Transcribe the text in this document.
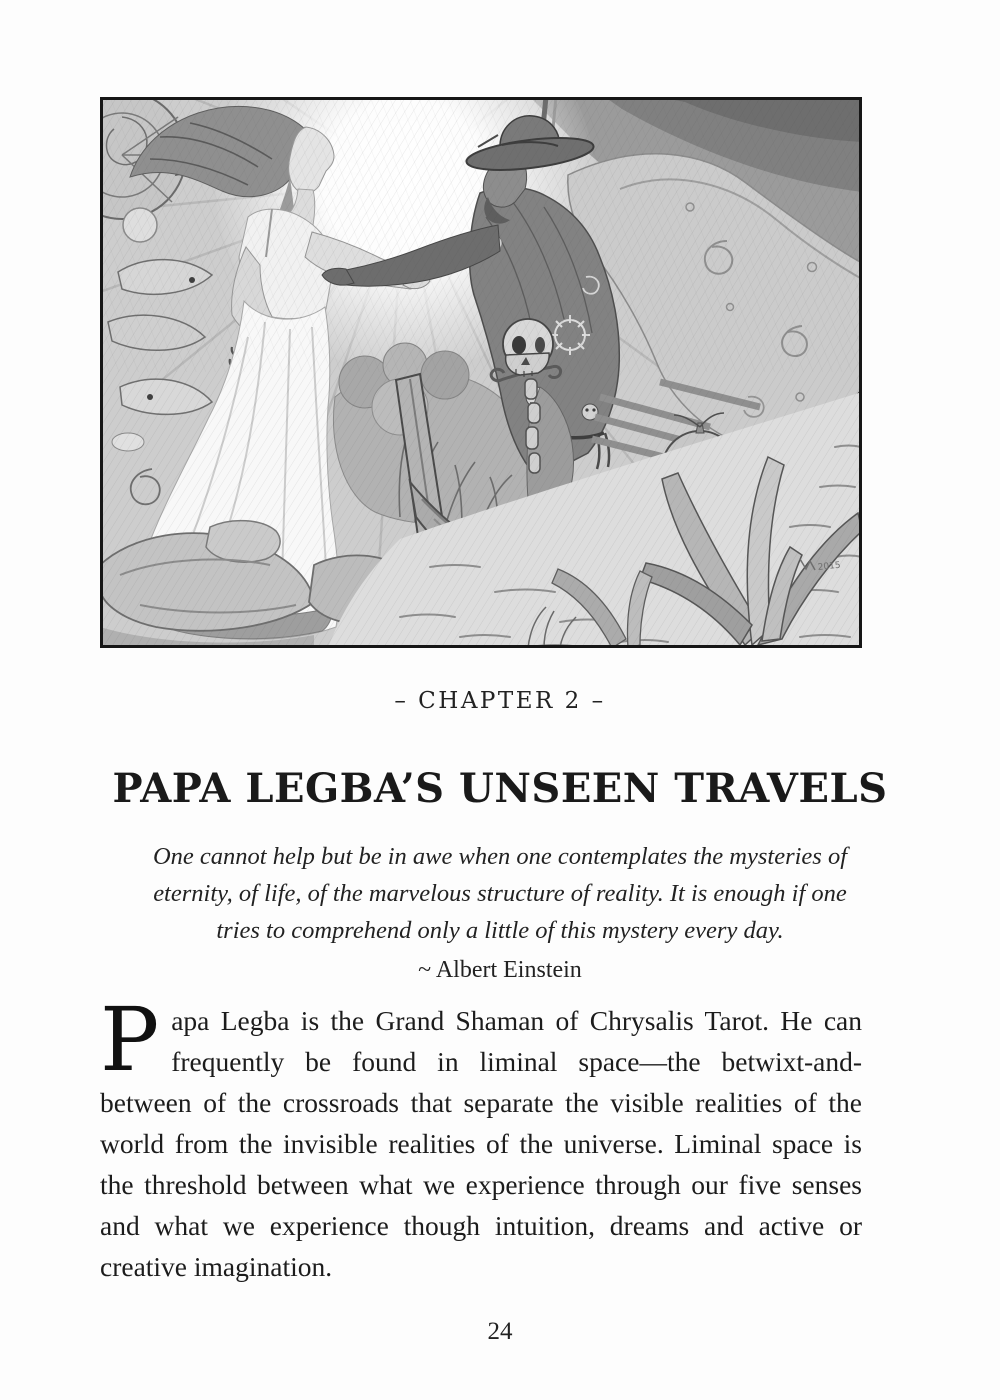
– CHAPTER 2 –
PAPA LEGBA’S UNSEEN TRAVELS
One cannot help but be in awe when one contemplates the mysteries of
eternity, of life, of the marvelous structure of reality. It is enough if one
tries to comprehend only a little of this mystery every day.
~ Albert Einstein
Papa Legba is the Grand Shaman of Chrysalis Tarot. He can frequently be found in liminal space—the betwixt-and-between of the crossroads that separate the visible realities of the world from the invisible realities of the universe. Liminal space is the threshold between what we experience through our five senses and what we experience though intuition, dreams and active or creative imagination.
24
